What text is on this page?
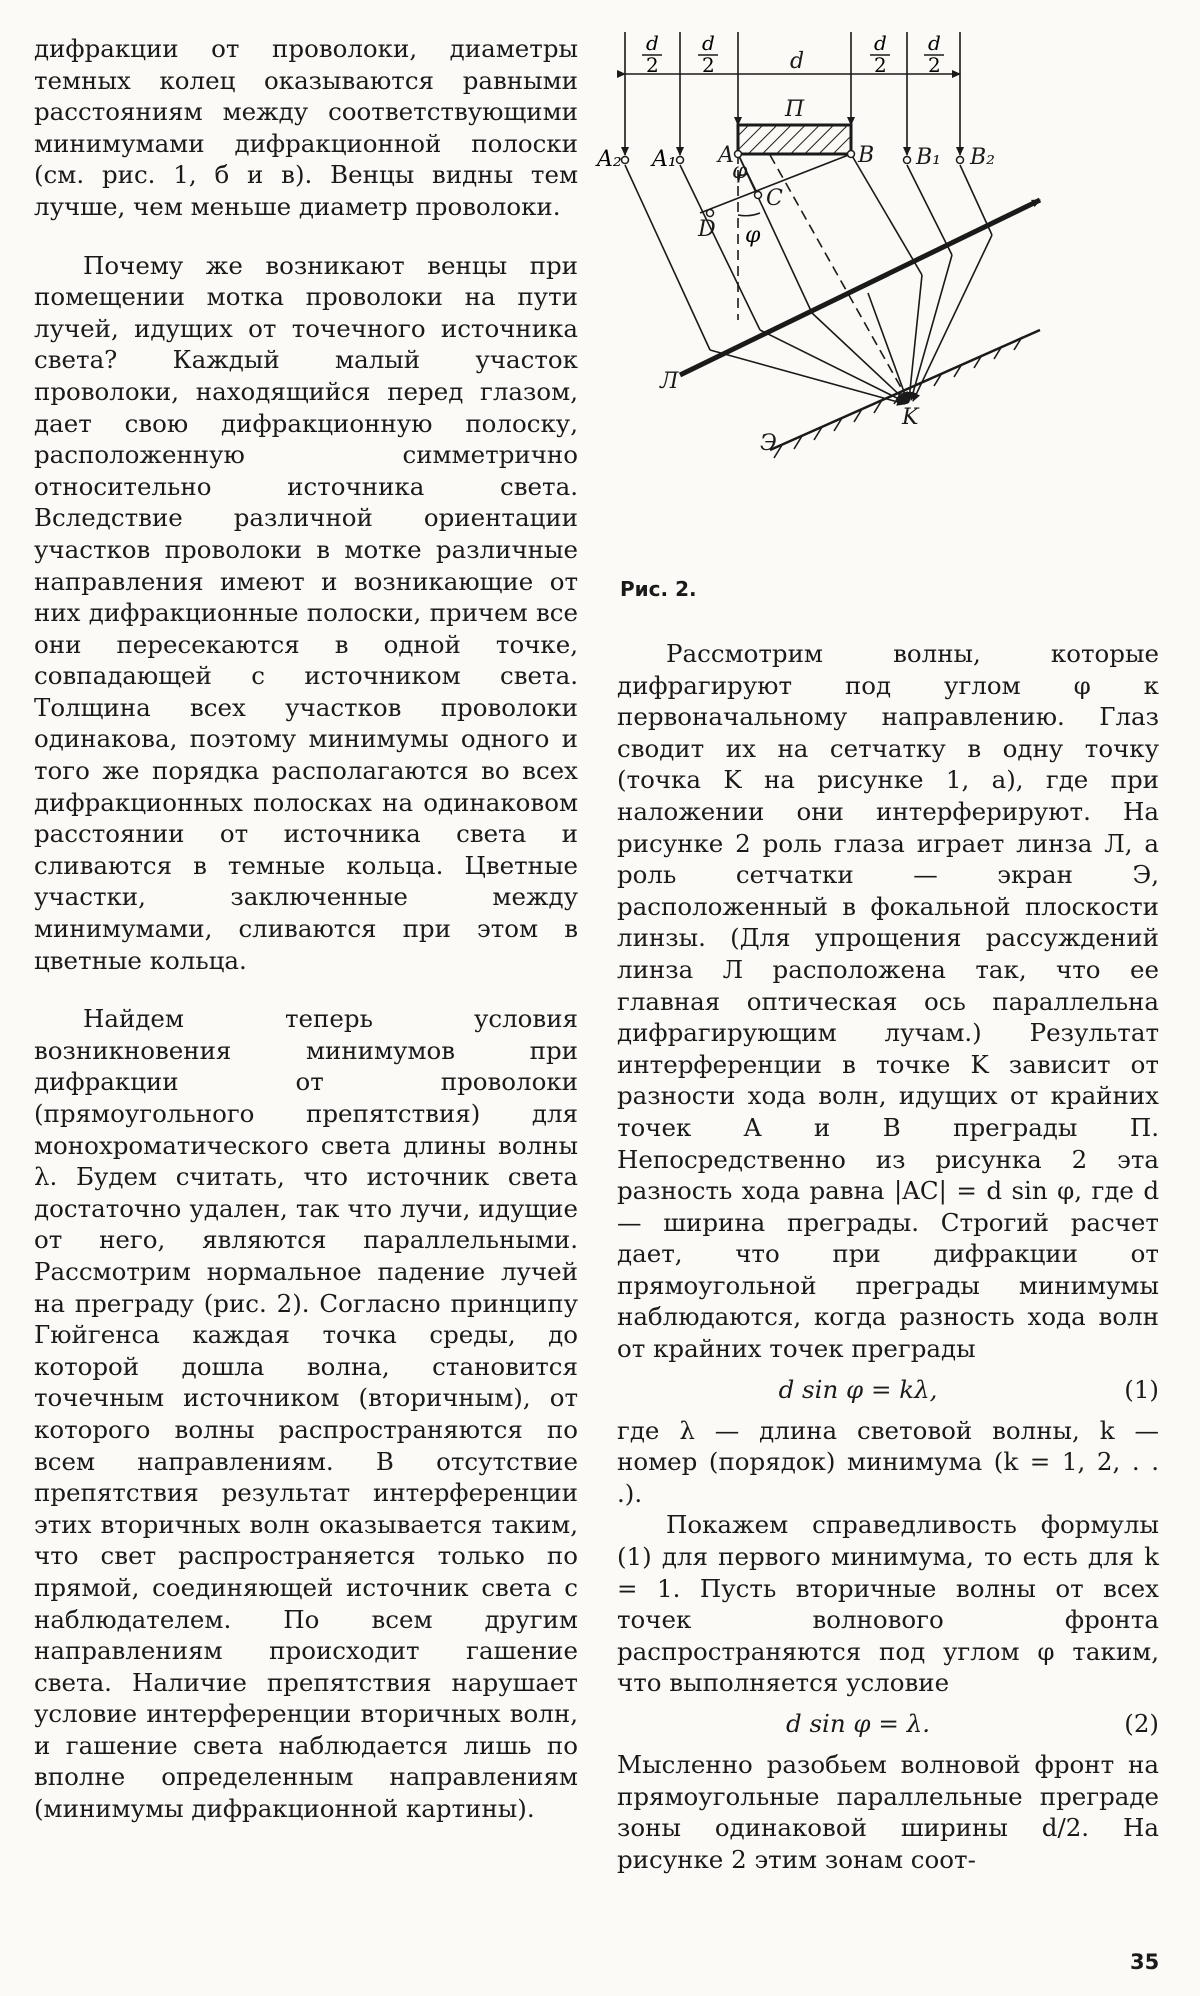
дифракции от проволоки, диаметры темных колец оказываются равными расстояниям между соответствующими минимумами дифракционной полоски (см. рис. 1, б и в). Венцы видны тем лучше, чем меньше диаметр проволоки.

Почему же возникают венцы при помещении мотка проволоки на пути лучей, идущих от точечного источника света? Каждый малый участок проволоки, находящийся перед глазом, дает свою дифракционную полоску, расположенную симметрично относительно источника света. Вследствие различной ориентации участков проволоки в мотке различные направления имеют и возникающие от них дифракционные полоски, причем все они пересекаются в одной точке, совпадающей с источником света. Толщина всех участков проволоки одинакова, поэтому минимумы одного и того же порядка располагаются во всех дифракционных полосках на одинаковом расстоянии от источника света и сливаются в темные кольца. Цветные участки, заключенные между минимумами, сливаются при этом в цветные кольца.

Найдем теперь условия возникновения минимумов при дифракции от проволоки (прямоугольного препятствия) для монохроматического света длины волны λ. Будем считать, что источник света достаточно удален, так что лучи, идущие от него, являются параллельными. Рассмотрим нормальное падение лучей на преграду (рис. 2). Согласно принципу Гюйгенса каждая точка среды, до которой дошла волна, становится точечным источником (вторичным), от которого волны распространяются по всем направлениям. В отсутствие препятствия результат интерференции этих вторичных волн оказывается таким, что свет распространяется только по прямой, соединяющей источник света с наблюдателем. По всем другим направлениям происходит гашение света. Наличие препятствия нарушает условие интерференции вторичных волн, и гашение света наблюдается лишь по вполне определенным направлениям (минимумы дифракционной картины).

d
П
A	B B₁ B₂
C
D
φ
Л
Э
K
d
2
d
2
d
2
d
2
A₂ A₁
φ
Рис. 2.

Рассмотрим волны, которые дифрагируют под углом φ к первоначальному направлению. Глаз сводит их на сетчатку в одну точку (точка K на рисунке 1, а), где при наложении они интерферируют. На рисунке 2 роль глаза играет линза Л, а роль сетчатки — экран Э, расположенный в фокальной плоскости линзы. (Для упрощения рассуждений линза Л расположена так, что ее главная оптическая ось параллельна дифрагирующим лучам.) Результат интерференции в точке K зависит от разности хода волн, идущих от крайних точек A и B преграды П. Непосредственно из рисунка 2 эта разность хода равна |AC| = d sin φ, где d — ширина преграды. Строгий расчет дает, что при дифракции от прямоугольной преграды минимумы наблюдаются, когда разность хода волн от крайних точек преграды

d sin φ = kλ,	(1)

где λ — длина световой волны, k — номер (порядок) минимума (k = 1, 2, . . .).

Покажем справедливость формулы (1) для первого минимума, то есть для k = 1. Пусть вторичные волны от всех точек волнового фронта распространяются под углом φ таким, что выполняется условие

d sin φ = λ.	(2)

Мысленно разобьем волновой фронт на прямоугольные параллельные преграде зоны одинаковой ширины d/2. На рисунке 2 этим зонам соот-

35
